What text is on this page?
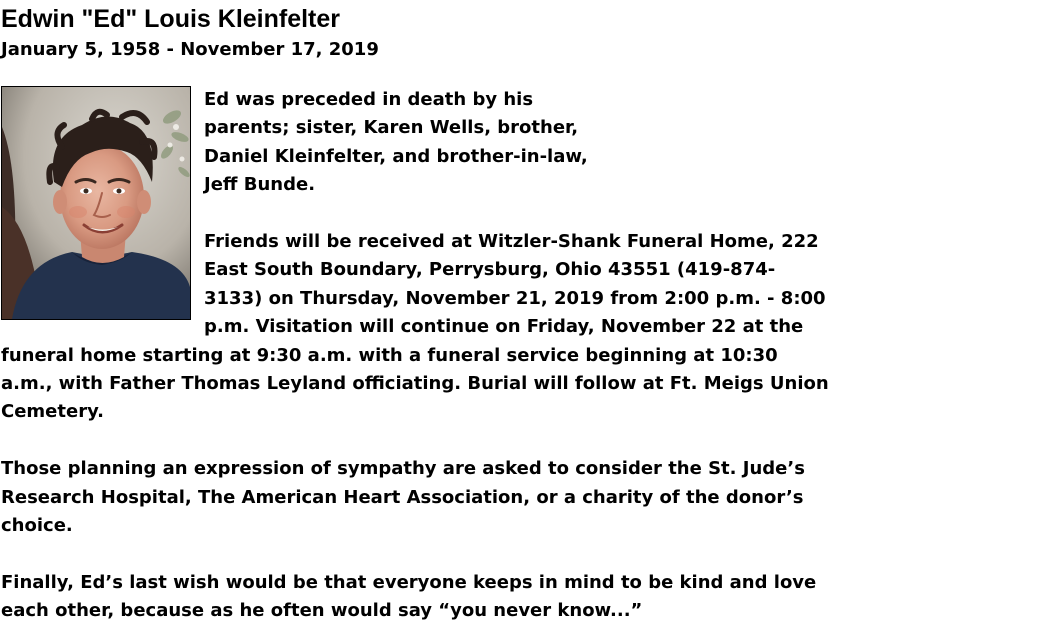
Edwin "Ed" Louis Kleinfelter
January 5, 1958 - November 17, 2019

Ed was preceded in death by his parents; sister, Karen Wells, brother, Daniel Kleinfelter, and brother-in-law, Jeff Bunde.

Friends will be received at Witzler-Shank Funeral Home, 222 East South Boundary, Perrysburg, Ohio 43551 (419-874-3133) on Thursday, November 21, 2019 from 2:00 p.m. - 8:00 p.m. Visitation will continue on Friday, November 22 at the funeral home starting at 9:30 a.m. with a funeral service beginning at 10:30 a.m., with Father Thomas Leyland officiating. Burial will follow at Ft. Meigs Union Cemetery.

Those planning an expression of sympathy are asked to consider the St. Jude’s Research Hospital, The American Heart Association, or a charity of the donor’s choice.

Finally, Ed’s last wish would be that everyone keeps in mind to be kind and love each other, because as he often would say “you never know...”
